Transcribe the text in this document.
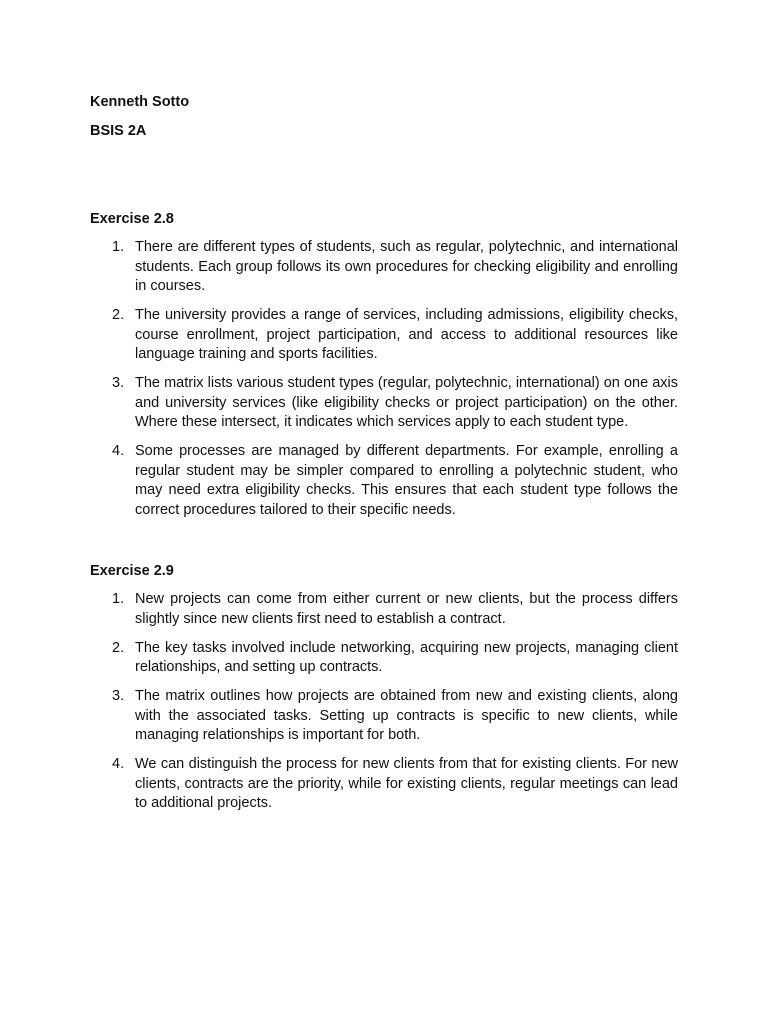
Kenneth Sotto
BSIS 2A
Exercise 2.8
1. There are different types of students, such as regular, polytechnic, and international students. Each group follows its own procedures for checking eligibility and enrolling in courses.
2. The university provides a range of services, including admissions, eligibility checks, course enrollment, project participation, and access to additional resources like language training and sports facilities.
3. The matrix lists various student types (regular, polytechnic, international) on one axis and university services (like eligibility checks or project participation) on the other. Where these intersect, it indicates which services apply to each student type.
4. Some processes are managed by different departments. For example, enrolling a regular student may be simpler compared to enrolling a polytechnic student, who may need extra eligibility checks. This ensures that each student type follows the correct procedures tailored to their specific needs.
Exercise 2.9
1. New projects can come from either current or new clients, but the process differs slightly since new clients first need to establish a contract.
2. The key tasks involved include networking, acquiring new projects, managing client relationships, and setting up contracts.
3. The matrix outlines how projects are obtained from new and existing clients, along with the associated tasks. Setting up contracts is specific to new clients, while managing relationships is important for both.
4. We can distinguish the process for new clients from that for existing clients. For new clients, contracts are the priority, while for existing clients, regular meetings can lead to additional projects.
